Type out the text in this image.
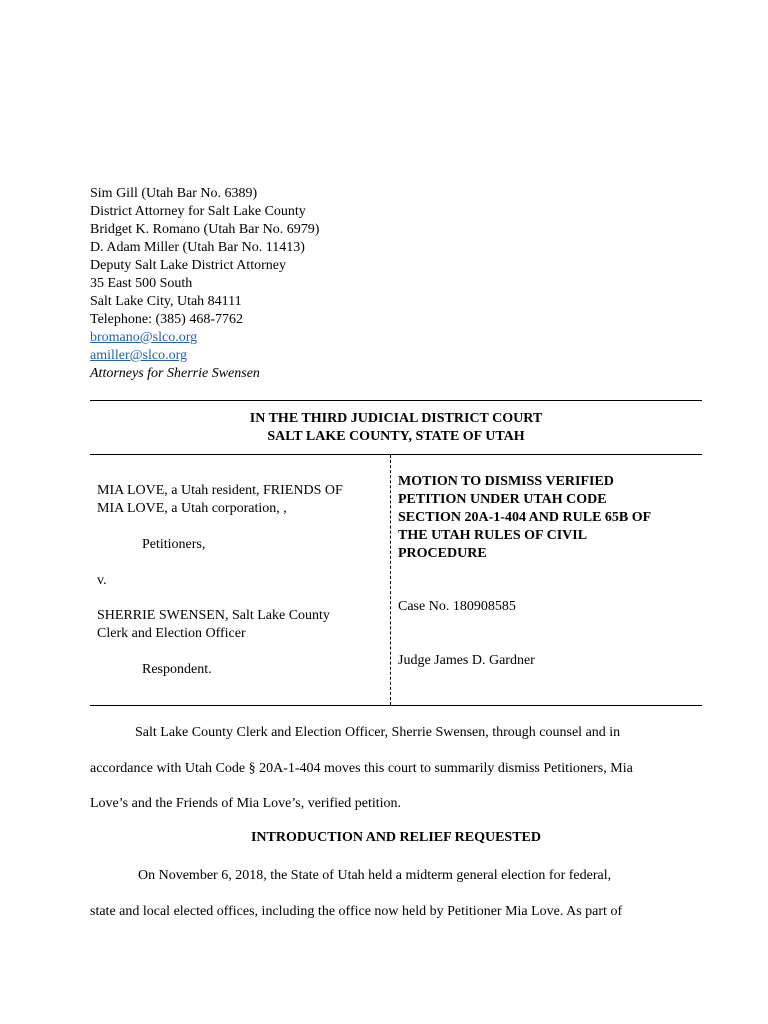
Sim Gill (Utah Bar No. 6389)
District Attorney for Salt Lake County
Bridget K. Romano (Utah Bar No. 6979)
D. Adam Miller (Utah Bar No. 11413)
Deputy Salt Lake District Attorney
35 East 500 South
Salt Lake City, Utah 84111
Telephone: (385) 468-7762
bromano@slco.org
amiller@slco.org
Attorneys for Sherrie Swensen
IN THE THIRD JUDICIAL DISTRICT COURT
SALT LAKE COUNTY, STATE OF UTAH
MIA LOVE, a Utah resident, FRIENDS OF
MIA LOVE, a Utah corporation, ,
Petitioners,
v.
SHERRIE SWENSEN, Salt Lake County
Clerk and Election Officer
Respondent.
MOTION TO DISMISS VERIFIED
PETITION UNDER UTAH CODE
SECTION 20A-1-404 AND RULE 65B OF
THE UTAH RULES OF CIVIL
PROCEDURE
Case No. 180908585
Judge James D. Gardner
Salt Lake County Clerk and Election Officer, Sherrie Swensen, through counsel and in
accordance with Utah Code § 20A-1-404 moves this court to summarily dismiss Petitioners, Mia
Love’s and the Friends of Mia Love’s, verified petition.
INTRODUCTION AND RELIEF REQUESTED
On November 6, 2018, the State of Utah held a midterm general election for federal,
state and local elected offices, including the office now held by Petitioner Mia Love. As part of
